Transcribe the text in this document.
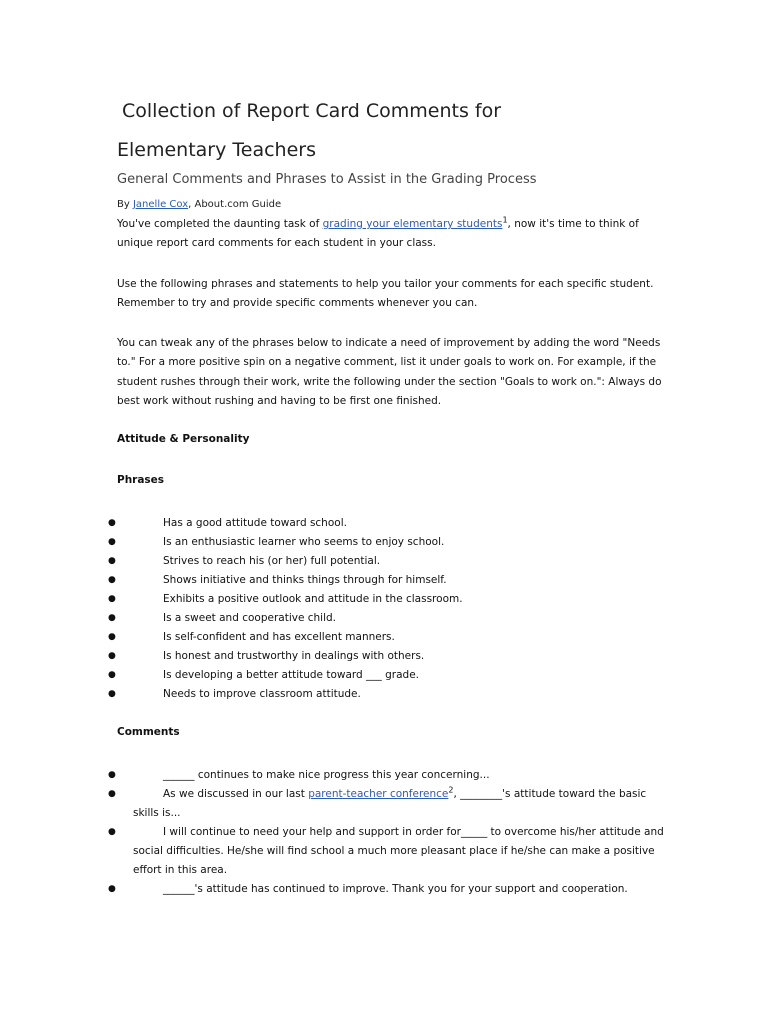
Collection of Report Card Comments for
Elementary Teachers
General Comments and Phrases to Assist in the Grading Process
By Janelle Cox, About.com Guide
You've completed the daunting task of grading your elementary students$^1$, now it's time to think of unique report card comments for each student in your class.
Use the following phrases and statements to help you tailor your comments for each specific student. Remember to try and provide specific comments whenever you can.
You can tweak any of the phrases below to indicate a need of improvement by adding the word "Needs to." For a more positive spin on a negative comment, list it under goals to work on. For example, if the student rushes through their work, write the following under the section "Goals to work on.": Always do best work without rushing and having to be first one finished.
Attitude & Personality
Phrases
●	Has a good attitude toward school.
●	Is an enthusiastic learner who seems to enjoy school.
●	Strives to reach his (or her) full potential.
●	Shows initiative and thinks things through for himself.
●	Exhibits a positive outlook and attitude in the classroom.
●	Is a sweet and cooperative child.
●	Is self-confident and has excellent manners.
●	Is honest and trustworthy in dealings with others.
●	Is developing a better attitude toward ___ grade.
●	Needs to improve classroom attitude.
Comments
●	______ continues to make nice progress this year concerning...
●	As we discussed in our last parent-teacher conference$^2$, ________'s attitude toward the basic skills is...
●	I will continue to need your help and support in order for_____ to overcome his/her attitude and social difficulties. He/she will find school a much more pleasant place if he/she can make a positive effort in this area.
●	______'s attitude has continued to improve. Thank you for your support and cooperation.
